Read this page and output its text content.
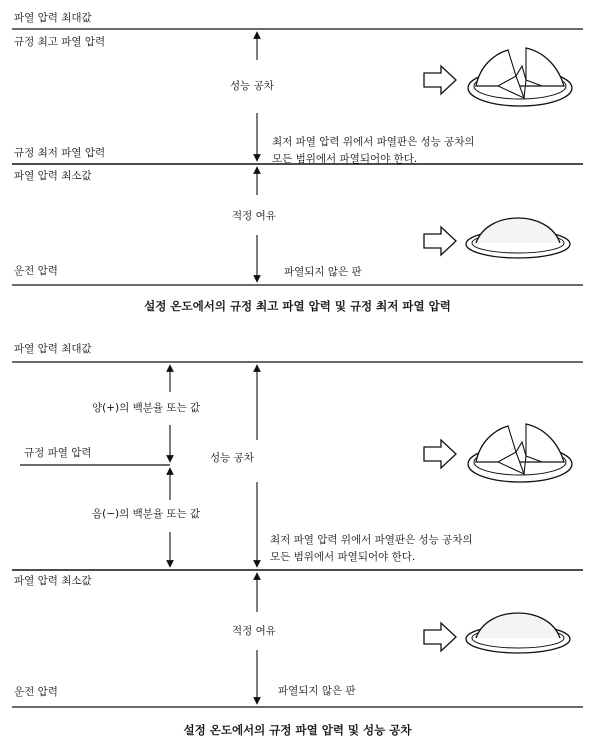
파열 압력 최대값
규정 최고 파열 압력
성능 공차
최저 파열 압력 위에서 파열판은 성능 공차의
모든 범위에서 파열되어야 한다.
규정 최저 파열 압력
파열 압력 최소값
적정 여유
운전 압력	파열되지 않은 판
설정 온도에서의 규정 최고 파열 압력 및 규정 최저 파열 압력
파열 압력 최대값
양(+)의 백분율 또는 값
규정 파열 압력	성능 공차
음(−)의 백분율 또는 값
최저 파열 압력 위에서 파열판은 성능 공차의
모든 범위에서 파열되어야 한다.
파열 압력 최소값
적정 여유
운전 압력	파열되지 않은 판
설정 온도에서의 규정 파열 압력 및 성능 공차
